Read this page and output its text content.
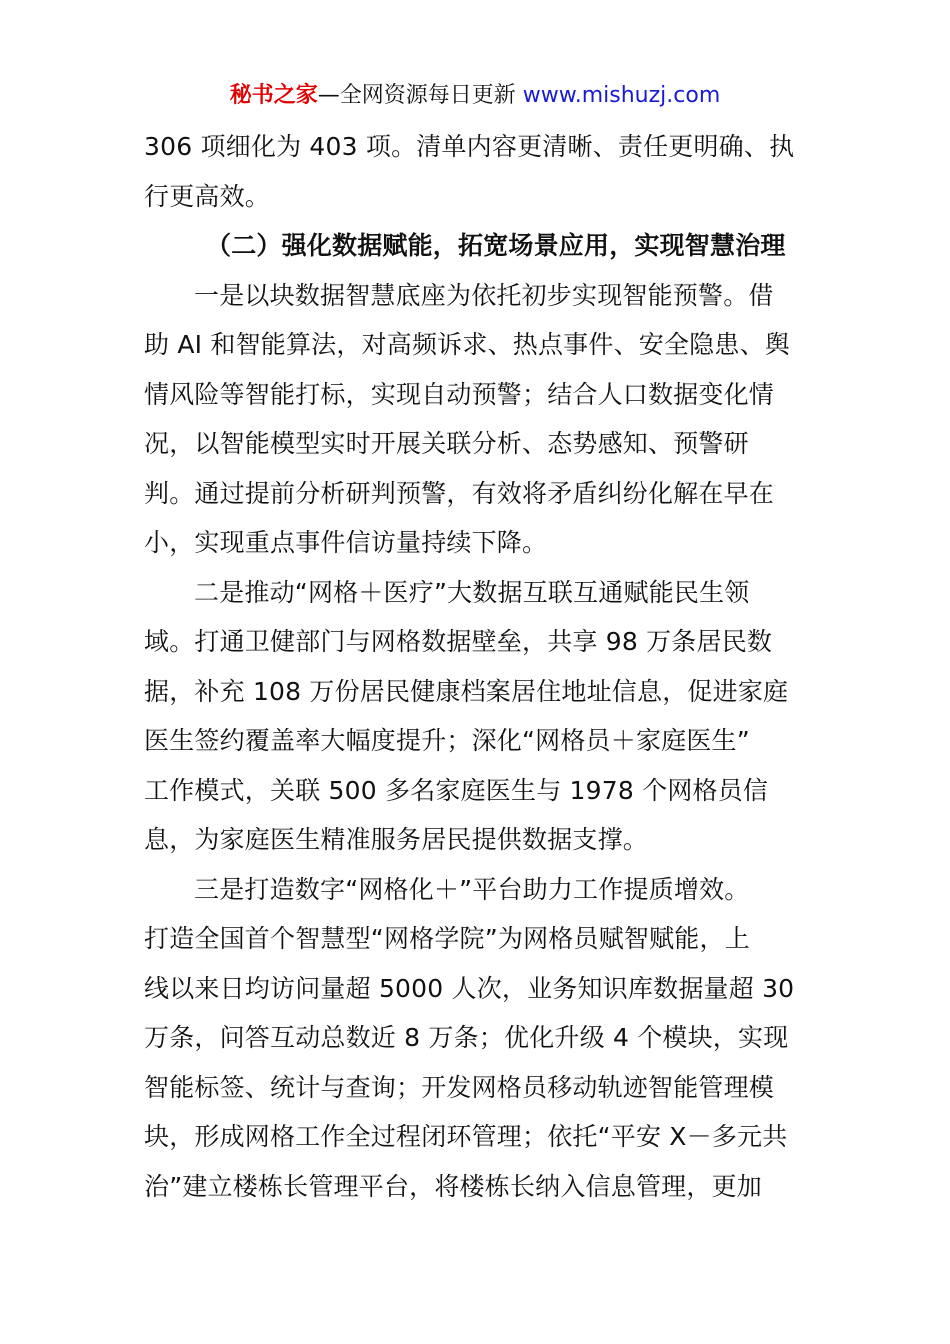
秘书之家—全网资源每日更新 www.mishuzj.com
306 项细化为 403 项。清单内容更清晰、责任更明确、执
行更高效。
（二）强化数据赋能，拓宽场景应用，实现智慧治理
一是以块数据智慧底座为依托初步实现智能预警。借
助 AI 和智能算法，对高频诉求、热点事件、安全隐患、舆
情风险等智能打标，实现自动预警；结合人口数据变化情
况，以智能模型实时开展关联分析、态势感知、预警研
判。通过提前分析研判预警，有效将矛盾纠纷化解在早在
小，实现重点事件信访量持续下降。
二是推动“网格＋医疗”大数据互联互通赋能民生领
域。打通卫健部门与网格数据壁垒，共享 98 万条居民数
据，补充 108 万份居民健康档案居住地址信息，促进家庭
医生签约覆盖率大幅度提升；深化“网格员＋家庭医生”
工作模式，关联 500 多名家庭医生与 1978 个网格员信
息，为家庭医生精准服务居民提供数据支撑。
三是打造数字“网格化＋”平台助力工作提质增效。
打造全国首个智慧型“网格学院”为网格员赋智赋能，上
线以来日均访问量超 5000 人次，业务知识库数据量超 30
万条，问答互动总数近 8 万条；优化升级 4 个模块，实现
智能标签、统计与查询；开发网格员移动轨迹智能管理模
块，形成网格工作全过程闭环管理；依托“平安 X－多元共
治”建立楼栋长管理平台，将楼栋长纳入信息管理，更加
